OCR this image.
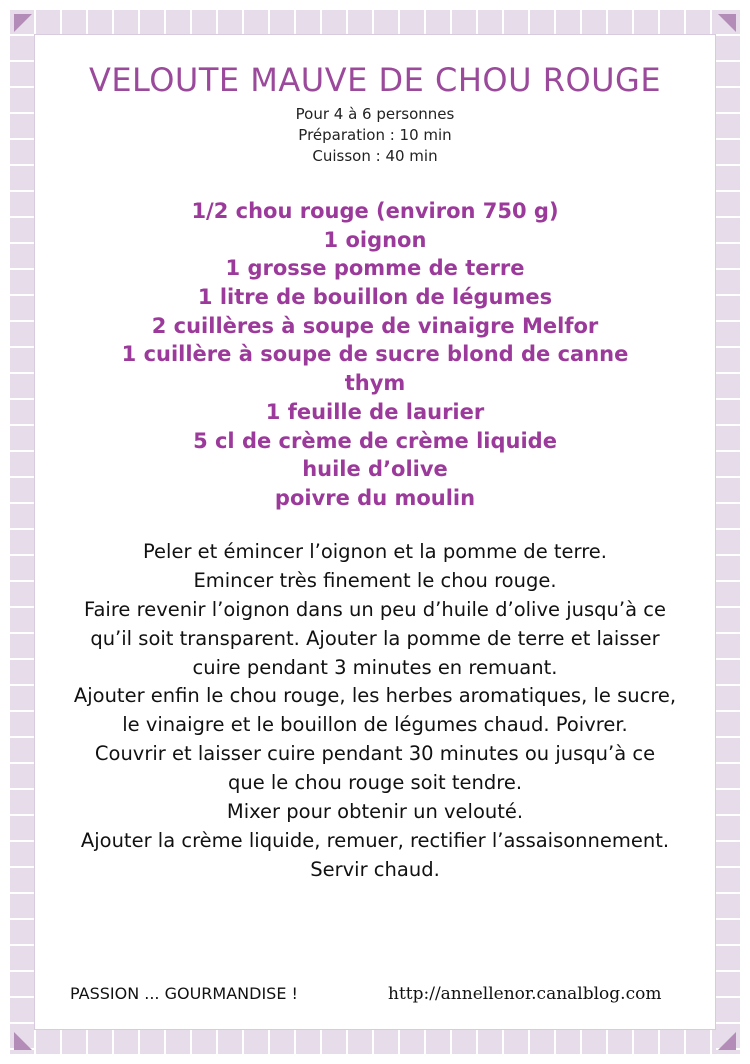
VELOUTE MAUVE DE CHOU ROUGE
Pour 4 à 6 personnes
Préparation : 10 min
Cuisson : 40 min
1/2 chou rouge (environ 750 g)
1 oignon
1 grosse pomme de terre
1 litre de bouillon de légumes
2 cuillères à soupe de vinaigre Melfor
1 cuillère à soupe de sucre blond de canne
thym
1 feuille de laurier
5 cl de crème de crème liquide
huile d’olive
poivre du moulin
Peler et émincer l’oignon et la pomme de terre.
Emincer très finement le chou rouge.
Faire revenir l’oignon dans un peu d’huile d’olive jusqu’à ce
qu’il soit transparent. Ajouter la pomme de terre et laisser
cuire pendant 3 minutes en remuant.
Ajouter enfin le chou rouge, les herbes aromatiques, le sucre,
le vinaigre et le bouillon de légumes chaud. Poivrer.
Couvrir et laisser cuire pendant 30 minutes ou jusqu’à ce
que le chou rouge soit tendre.
Mixer pour obtenir un velouté.
Ajouter la crème liquide, remuer, rectifier l’assaisonnement.
Servir chaud.
PASSION ... GOURMANDISE !	http://annellenor.canalblog.com
